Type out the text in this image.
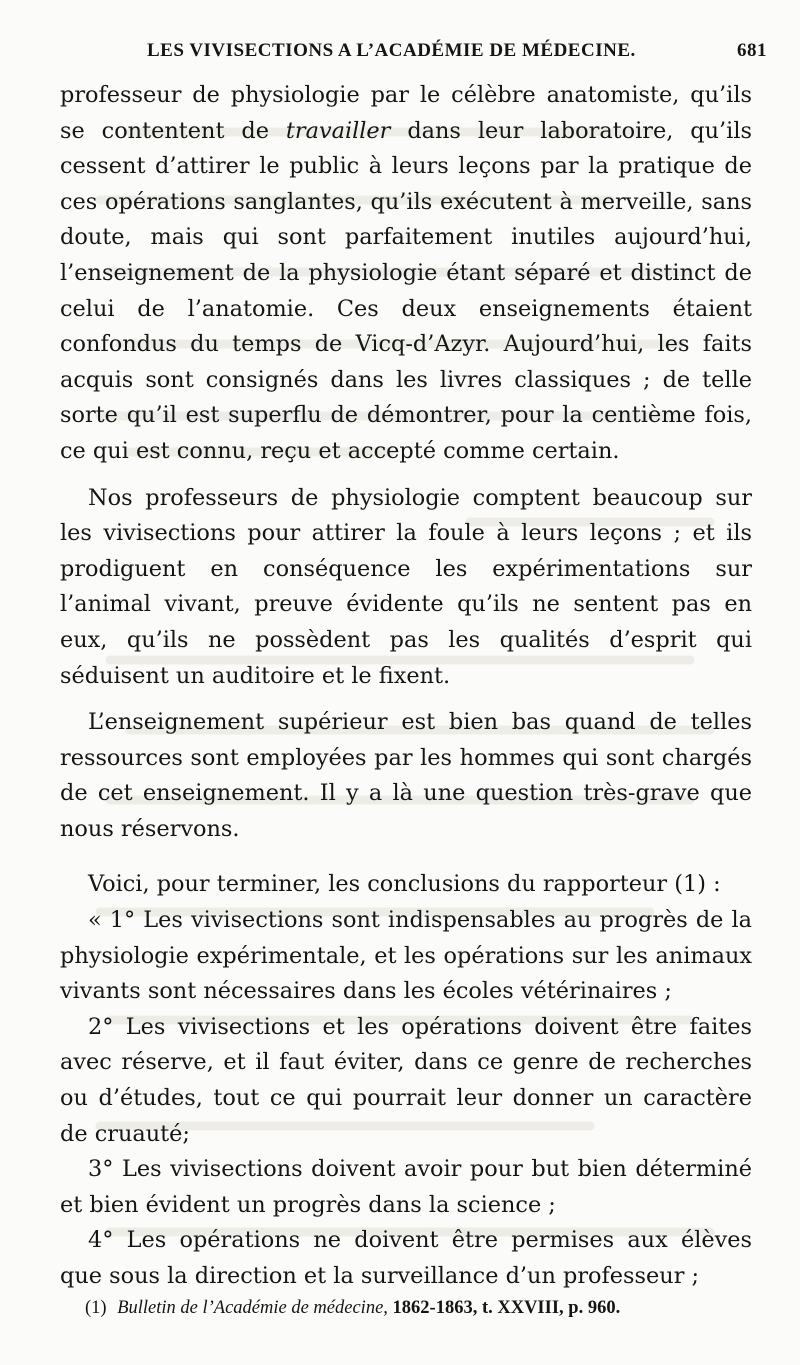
LES VIVISECTIONS A L’ACADÉMIE DE MÉDECINE.	681

professeur de physiologie par le célèbre anatomiste, qu’ils se contentent de travailler dans leur laboratoire, qu’ils cessent d’attirer le public à leurs leçons par la pratique de ces opérations sanglantes, qu’ils exécutent à merveille, sans doute, mais qui sont parfaitement inutiles aujourd’hui, l’enseignement de la physiologie étant séparé et distinct de celui de l’anatomie. Ces deux enseignements étaient confondus du temps de Vicq-d’Azyr. Aujourd’hui, les faits acquis sont consignés dans les livres classiques ; de telle sorte qu’il est superflu de démontrer, pour la centième fois, ce qui est connu, reçu et accepté comme certain.

Nos professeurs de physiologie comptent beaucoup sur les vivisections pour attirer la foule à leurs leçons ; et ils prodiguent en conséquence les expérimentations sur l’animal vivant, preuve évidente qu’ils ne sentent pas en eux, qu’ils ne possèdent pas les qualités d’esprit qui séduisent un auditoire et le fixent.

L’enseignement supérieur est bien bas quand de telles ressources sont employées par les hommes qui sont chargés de cet enseignement. Il y a là une question très-grave que nous réservons.

Voici, pour terminer, les conclusions du rapporteur (1) :

« 1° Les vivisections sont indispensables au progrès de la physiologie expérimentale, et les opérations sur les animaux vivants sont nécessaires dans les écoles vétérinaires ;

2° Les vivisections et les opérations doivent être faites avec réserve, et il faut éviter, dans ce genre de recherches ou d’études, tout ce qui pourrait leur donner un caractère de cruauté;

3° Les vivisections doivent avoir pour but bien déterminé et bien évident un progrès dans la science ;

4° Les opérations ne doivent être permises aux élèves que sous la direction et la surveillance d’un professeur ;

(1) Bulletin de l’Académie de médecine, 1862-1863, t. XXVIII, p. 960.
